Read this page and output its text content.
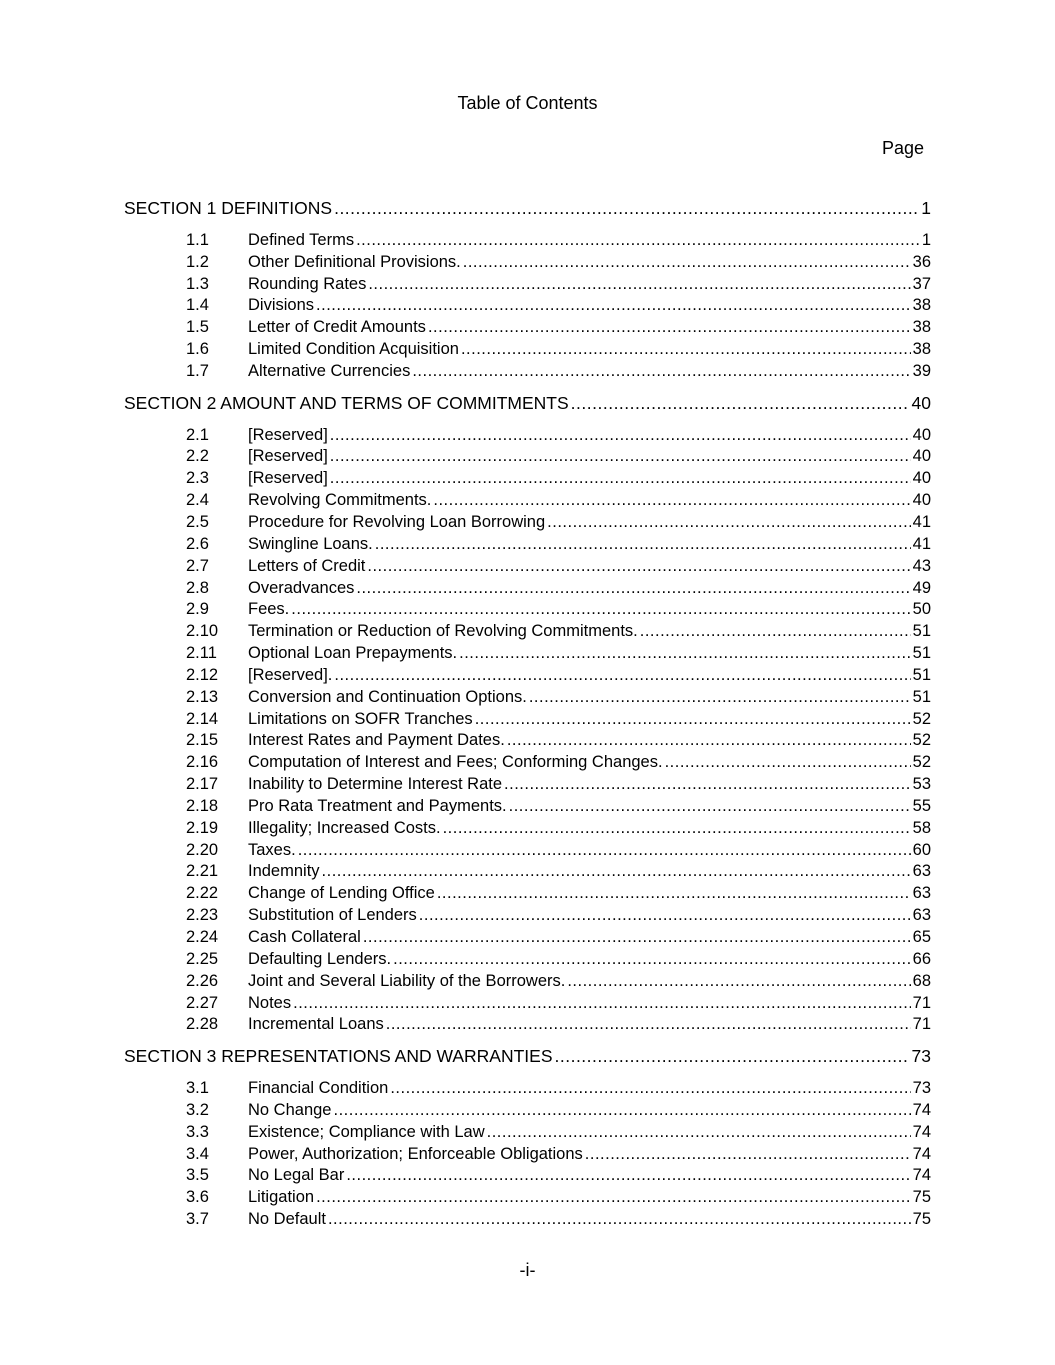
Table of Contents
Page
SECTION 1 DEFINITIONS .....	1
1.1	Defined Terms .....	1
1.2	Other Definitional Provisions. .....	36
1.3	Rounding Rates .....	37
1.4	Divisions .....	38
1.5	Letter of Credit Amounts .....	38
1.6	Limited Condition Acquisition .....	38
1.7	Alternative Currencies .....	39
SECTION 2 AMOUNT AND TERMS OF COMMITMENTS .....	40
2.1	[Reserved] .....	40
2.2	[Reserved] .....	40
2.3	[Reserved] .....	40
2.4	Revolving Commitments. .....	40
2.5	Procedure for Revolving Loan Borrowing .....	41
2.6	Swingline Loans. .....	41
2.7	Letters of Credit .....	43
2.8	Overadvances .....	49
2.9	Fees. .....	50
2.10	Termination or Reduction of Revolving Commitments. .....	51
2.11	Optional Loan Prepayments. .....	51
2.12	[Reserved]. .....	51
2.13	Conversion and Continuation Options. .....	51
2.14	Limitations on SOFR Tranches .....	52
2.15	Interest Rates and Payment Dates. .....	52
2.16	Computation of Interest and Fees; Conforming Changes. .....	52
2.17	Inability to Determine Interest Rate .....	53
2.18	Pro Rata Treatment and Payments. .....	55
2.19	Illegality; Increased Costs. .....	58
2.20	Taxes. .....	60
2.21	Indemnity .....	63
2.22	Change of Lending Office .....	63
2.23	Substitution of Lenders .....	63
2.24	Cash Collateral .....	65
2.25	Defaulting Lenders. .....	66
2.26	Joint and Several Liability of the Borrowers. .....	68
2.27	Notes .....	71
2.28	Incremental Loans .....	71
SECTION 3 REPRESENTATIONS AND WARRANTIES .....	73
3.1	Financial Condition .....	73
3.2	No Change .....	74
3.3	Existence; Compliance with Law .....	74
3.4	Power, Authorization; Enforceable Obligations .....	74
3.5	No Legal Bar .....	74
3.6	Litigation .....	75
3.7	No Default .....	75
-i-
